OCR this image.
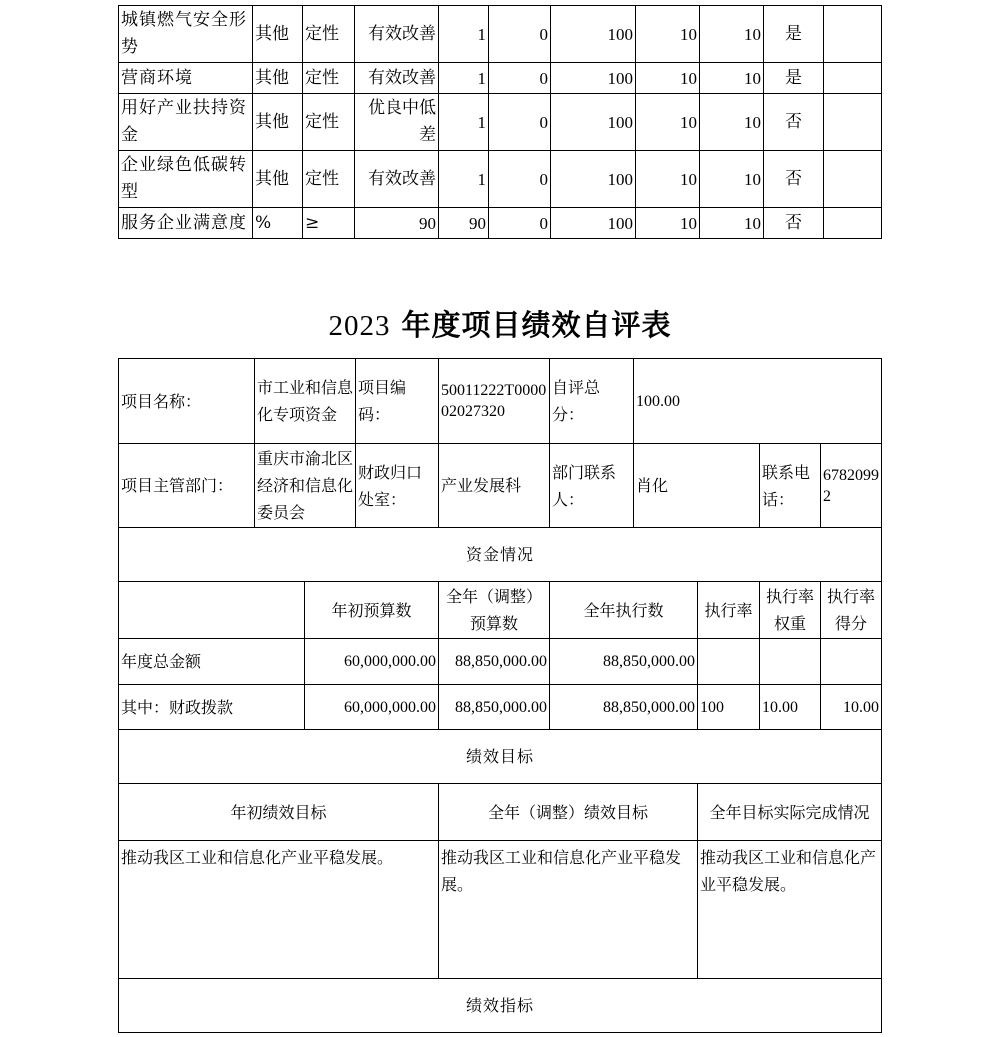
城镇燃气安全形势	其他	定性	有效改善	1	0	100	10	10	是	
营商环境	其他	定性	有效改善	1	0	100	10	10	是	
用好产业扶持资金	其他	定性	优良中低差	1	0	100	10	10	否	
企业绿色低碳转型	其他	定性	有效改善	1	0	100	10	10	否	
服务企业满意度	%	≥	90	90	0	100	10	10	否	
2023 年度项目绩效自评表
项目名称：	市工业和信息化专项资金		项目编码：	50011222T000002027320	自评总分：	100.00			
项目主管部门：	重庆市渝北区经济和信息化委员会		财政归口处室：	产业发展科	部门联系人：	肖化		联系电话：	67820992
资金情况									
		年初预算数		全年（调整）预算数	全年执行数		执行率	执行率权重	执行率得分
年度总金额		60,000,000.00		88,850,000.00	88,850,000.00				
其中：财政拨款		60,000,000.00		88,850,000.00	88,850,000.00		100	10.00	10.00
绩效目标									
年初绩效目标				全年（调整）绩效目标			全年目标实际完成情况		
推动我区工业和信息化产业平稳发展。				推动我区工业和信息化产业平稳发展。			推动我区工业和信息化产业平稳发展。		
绩效指标									
